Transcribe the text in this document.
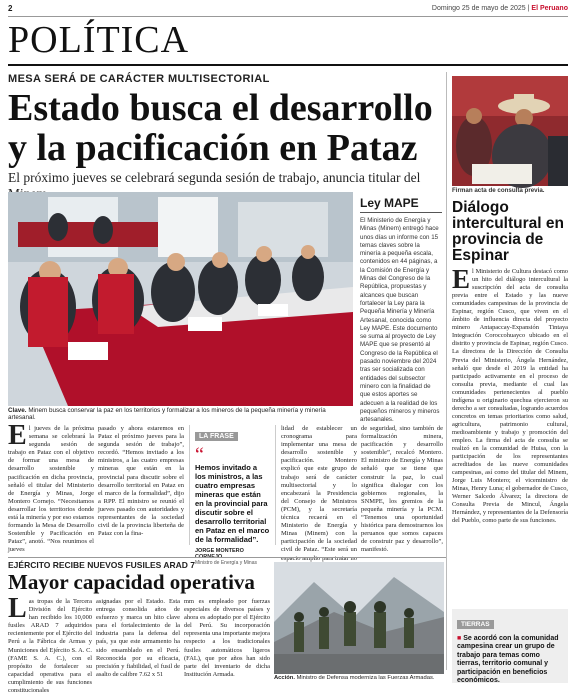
2	Domingo 25 de mayo de 2025 | El Peruano
POLÍTICA
MESA SERÁ DE CARÁCTER MULTISECTORIAL
Estado busca el desarrollo y la pacificación en Pataz
El próximo jueves se celebrará segunda sesión de trabajo, anuncia titular del
Clave. Minem busca conservar la paz en los territorios y formalizar a los mineros de la pequeña minería y minería artesanal.
Ley MAPE
El Ministerio de Energía y Minas (Minem) entregó hace unos días un informe con 15 temas claves sobre la minería a pequeña escala, contenidos en 44 páginas, a la Comisión de Energía y Minas del Congreso de la República, propuestas y alcances que buscan fortalecer la Ley para la Pequeña Minería y Minería Artesanal, conocida como Ley MAPE. Este documento se suma al proyecto de Ley MAPE que se presentó al Congreso de la República el pasado noviembre del 2024 tras ser socializada con entidades del subsector minero con la finalidad de que estos aportes se adecuen a la realidad de los pequeños mineros y mineros artesanales.
Firman acta de consulta previa.
Diálogo intercultural en provincia de Espinar
El Ministerio de Cultura destacó como un hito del diálogo intercultural la suscripción del acta de consulta previa entre el Estado y las nueve comunidades campesinas de la provincia de Espinar, región Cusco, que viven en el ámbito de influencia directa del proyecto minero Antapaccay-Expansión Tintaya Integración Coroccohuayco ubicado en el distrito y provincia de Espinar, región Cusco. La directora de la Dirección de Consulta Previa del Ministerio, Ángela Hernández, señaló que desde el 2019 la entidad ha participado activamente en el proceso de consulta previa, mediante el cual las comunidades pertenecientes al pueblo indígena u originario quechua ejercieron su derecho a ser consultadas, logrando acuerdos concretos en temas prioritarios como salud, agricultura, patrimonio cultural, medioambiente y trabajo y promoción del empleo. La firma del acta de consulta se realizó en la comunidad de Huisa, con la participación de los representantes acreditados de las nueve comunidades campesinas, así como del titular del Minem, Jorge Luis Montero; el viceministro de Minas, Henry Luna; el gobernador de Cusco, Werner Salcedo Álvarez; la directora de Consulta Previa de Mincul, Ángela Hernández, y representantes de la Defensoría del Pueblo, como parte de sus funciones.
El jueves de la próxima semana se celebrará la segunda sesión de trabajo en Pataz con el objetivo de formar una mesa de desarrollo sostenible y pacificación en dicha provincia, señaló el titular del Ministerio de Energía y Minas, Jorge Montero Cornejo. “Necesitamos desarrollar los territorios donde está la minería y por eso estamos formando la Mesa de Desarrollo Sostenible y Pacificación en Pataz”, anotó. “Nos reunimos el jueves
pasado y ahora estaremos en Pataz el próximo jueves para la segunda sesión de trabajo”, recordó. “Hemos invitado a los ministros, a las cuatro empresas mineras que están en la provincial para discutir sobre el desarrollo territorial en Pataz en el marco de la formalidad”, dijo a RPP. El ministro se reunió el jueves pasado con autoridades y representantes de la sociedad civil de la provincia liberteña de Pataz con la fina-
LA FRASE
“
Hemos invitado a los ministros, a las cuatro empresas mineras que están en la provincial para discutir sobre el desarrollo territorial en Pataz en el marco de la formalidad”.
JORGE MONTERO CORNEJO
Ministro de Energía y Minas
lidad de establecer un cronograma para implementar una mesa de desarrollo sostenible y pacificación. Montero explicó que este grupo de trabajo será de carácter multisectorial y lo encabezará la Presidencia del Consejo de Ministros (PCM), y la secretaría técnica recaerá en el Ministerio de Energía y Minas (Minem) con la participación de la sociedad civil de Pataz. “Este será un espacio amplio para tratar no
de seguridad, sino también de formalización minera, pacificación y desarrollo sostenible”, recalcó Montero. El ministro de Energía y Minas señaló que se tiene que construir la paz, lo cual significa dialogar con los gobiernos regionales, la SNMPE, los gremios de la pequeña minería y la PCM. “Tenemos una oportunidad histórica para demostrarnos los peruanos que somos capaces de construir paz y desarrollo”, manifestó.
EJÉRCITO RECIBE NUEVOS FUSILES ARAD 7
Mayor capacidad operativa
Las tropas de la Tercera División del Ejército han recibido los 10,000 fusiles ARAD 7 adquiridos recientemente por el Ejército del Perú a la Fábrica de Armas y Municiones del Ejército S. A. C. (FAME S. A. C.), con el propósito de fortalecer su capacidad operativa para el cumplimiento de sus funciones constitucionales
asignadas por el Estado. Esta entrega consolida años de esfuerzo y marca un hito clave para el fortalecimiento de la industria para la defensa del país, ya que este armamento ha sido ensamblado en el Perú. Reconocida por su eficacia, precisión y fiabilidad, el fusil de asalto de calibre 7.62 x 51
mm es empleado por fuerzas especiales de diversos países y ahora es adoptado por el Ejército del Perú. Su incorporación representa una importante mejora respecto a los tradicionales fusiles automáticos ligeros (FAL), que por años han sido parte del inventario de dicha Institución Armada.
Acción. Ministro de Defensa moderniza las Fuerzas Armadas.
TIERRAS
■ Se acordó con la comunidad campesina crear un grupo de trabajo para temas como tierras, territorio comunal y participación en beneficios económicos.
